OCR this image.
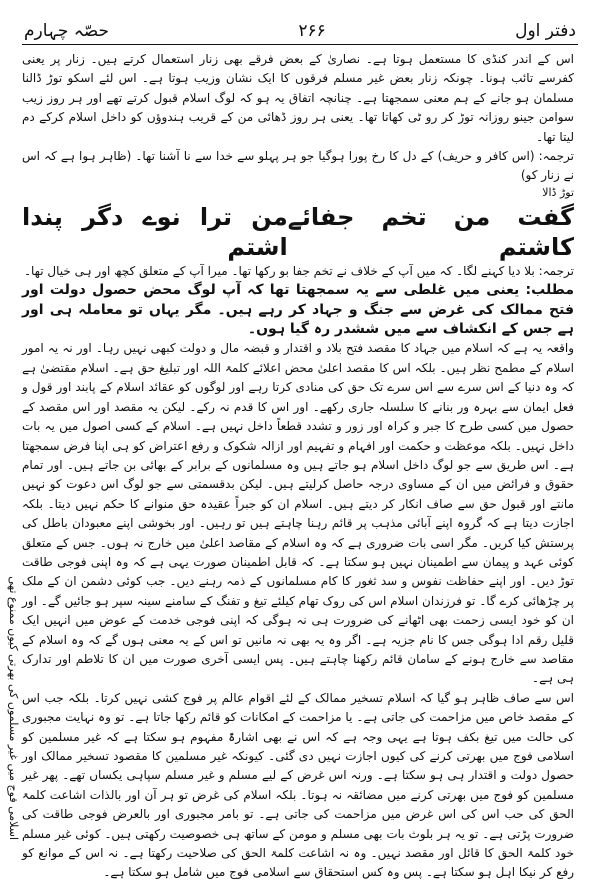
دفتر اول
۲۶۶
حصّہ چہارم

اس کے اندر کنڈی کا مستعمل ہوتا ہے۔ نصاریٰ کے بعض فرقے بھی زنار استعمال کرتے ہیں۔ زنار پر یعنی کفرسے تائب ہونا۔ چونکہ زنار بعض غیر مسلم فرقوں کا ایک نشان وزیب ہوتا ہے۔ اس لئے اسکو توڑ ڈالنا مسلمان ہو جانے کے ہم معنی سمجھتا ہے۔ چنانچہ اتفاق یہ ہو کہ لوگ اسلام قبول کرتے تھے اور ہر روز زیب سوامن جینو روزانہ توڑ کر رو ٹی کھاتا تھا۔ یعنی ہر روز ڈھائی من کے قریب ہندوؤں کو داخل اسلام کرکے دم لیتا تھا۔

ترجمہ: (اس کافر و حریف) کے دل کا رخ پورا ہوگیا جو ہر پہلو سے خدا سے نا آشنا تھا۔ (ظاہر ہوا ہے کہ اس نے زنار کو)

توڑ ڈالا
گفت من تخم جفائے کاشتم
من ترا نوے دگر پندا اشتم

ترجمہ: بلا دیا کہنے لگا۔ کہ میں آپ کے خلاف نے تخم جفا بو رکھا تھا۔ میرا آپ کے متعلق کچھ اور ہی خیال تھا۔

مطلب: یعنی میں غلطی سے یہ سمجھتا تھا کہ آپ لوگ محض حصول دولت اور فتح ممالک کی غرض سے جنگ و جہاد کر رہے ہیں۔ مگر یہاں تو معاملہ ہی اور ہے جس کے انکشاف سے میں ششدر رہ گیا ہوں۔

واقعہ یہ ہے کہ اسلام میں جہاد کا مقصد فتح بلاد و اقتدار و قبضہ مال و دولت کبھی نہیں رہا۔ اور نہ یہ امور اسلام کے مطمح نظر ہیں۔ بلکہ اس کا مقصد اعلیٰ محض اعلائے کلمۃ اللہ اور تبلیغ حق ہے۔ اسلام مقتضیٰ ہے کہ وہ دنیا کے اس سرے سے اس سرے تک حق کی منادی کرتا رہے اور لوگوں کو عقائد اسلام کے پابند اور قول و فعل ایمان سے بہرہ ور بنانے کا سلسلہ جاری رکھے۔ اور اس کا قدم نہ رکے۔ لیکن یہ مقصد اور اس مقصد کے حصول میں کسی طرح کا جبر و کراہ اور زور و تشدد قطعاً داخل نہیں ہے۔ اسلام کے کسی اصول میں یہ بات داخل نہیں۔ بلکہ موعظت و حکمت اور افہام و تفہیم اور ازالہ شکوک و رفع اعتراض کو ہی اپنا فرض سمجھتا ہے۔ اس طریق سے جو لوگ داخل اسلام ہو جاتے ہیں وہ مسلمانوں کے برابر کے بھائی بن جاتے ہیں۔ اور تمام حقوق و فرائض میں ان کے مساوی درجہ حاصل کرلیتے ہیں۔ لیکن بدقسمتی سے جو لوگ اس دعوت کو نہیں مانتے اور قبول حق سے صاف انکار کر دیتے ہیں۔ اسلام ان کو جبراً عقیدہ حق منوانے کا حکم نہیں دیتا۔ بلکہ اجازت دیتا ہے کہ گروہ اپنے آبائی مذہب پر قائم رہنا چاہتے ہیں تو رہیں۔ اور بخوشی اپنے معبودان باطل کی پرستش کیا کریں۔ مگر اسی بات ضروری ہے کہ وہ اسلام کے مقاصد اعلیٰ میں خارج نہ ہوں۔ جس کے متعلق کوئی عہد و پیمان سے اطمینان نہیں ہو سکتا ہے۔ کہ قابل اطمینان صورت یہی ہے کہ وہ اپنی فوجی طاقت توڑ دیں۔ اور اپنے حفاظت نفوس و سد ثغور کا کام مسلمانوں کے ذمہ رہنے دیں۔ جب کوئی دشمن ان کے ملک پر چڑھائی کرے گا۔ تو فرزندان اسلام اس کی روک تھام کیلئے تیغ و تفنگ کے سامنے سینہ سپر ہو جائیں گے۔ اور ان کو خود ایسی زحمت بھی اٹھانے کی ضرورت ہی نہ ہوگی کہ اپنی فوجی خدمت کے عوض میں انہیں ایک قلیل رقم ادا ہوگی جس کا نام جزیہ ہے۔ اگر وہ یہ بھی نہ مانیں تو اس کے یہ معنی ہوں گے کہ وہ اسلام کے مقاصد سے خارج ہونے کے سامان قائم رکھنا چاہتے ہیں۔ پس ایسی آخری صورت میں ان کا تلاطم اور تدارک ہی ہے۔

اس سے صاف ظاہر ہو گیا کہ اسلام تسخیر ممالک کے لئے اقوام عالم پر فوج کشی نہیں کرتا۔ بلکہ جب اس کے مقصد خاص میں مزاحمت کی جاتی ہے۔ یا مزاحمت کے امکانات کو قائم رکھا جاتا ہے۔ تو وہ نہایت مجبوری کی حالت میں تیغ بکف ہوتا ہے یہی وجہ ہے کہ اس نے بھی اشارۃً مفہوم ہو سکتا ہے کہ غیر مسلمین کو اسلامی فوج میں بھرتی کرنے کی کیوں اجازت نہیں دی گئی۔ کیونکہ غیر مسلمین کا مقصود تسخیر ممالک اور حصول دولت و اقتدار ہی ہو سکتا ہے۔ ورنہ اس غرض کے لیے مسلم و غیر مسلم سپاہی یکساں تھے۔ پھر غیر مسلمین کو فوج میں بھرتی کرنے میں مضائقہ نہ ہوتا۔ بلکہ اسلام کی غرض تو ہر آن اور بالذات اشاعت کلمۃ الحق کی حب اس کی اس غرض میں مزاحمت کی جاتی ہے۔ تو بامر مجبوری اور بالعرض فوجی طاقت کی ضرورت پڑتی ہے۔ تو یہ ہر بلوث بات بھی مسلم و مومن کے ساتھ ہی خصوصیت رکھتی ہیں۔ کوئی غیر مسلم خود کلمۃ الحق کا قائل اور مقصد نہیں۔ وہ نہ اشاعت کلمۃ الحق کی صلاحیت رکھتا ہے۔ نہ اس کے موانع کو رفع کر نیکا اہل ہو سکتا ہے۔ پس وہ کس استحقاق سے اسلامی فوج میں شامل ہو سکتا ہے۔

اسلامی فوج میں غیر مسلموں کی بھرتی کیوں ممنوع تھی
